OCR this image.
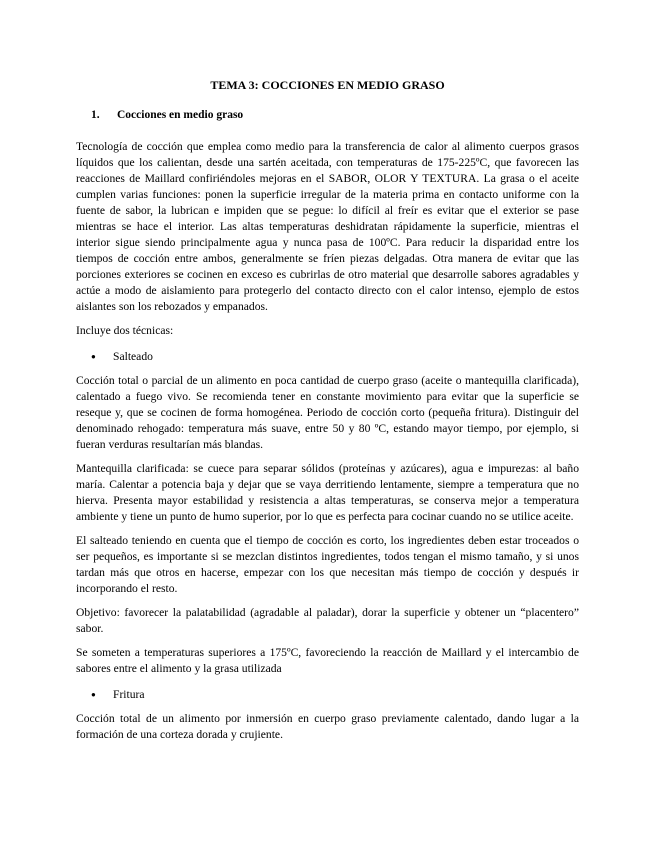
TEMA 3: COCCIONES EN MEDIO GRASO
1. Cocciones en medio graso

Tecnología de cocción que emplea como medio para la transferencia de calor al alimento cuerpos grasos líquidos que los calientan, desde una sartén aceitada, con temperaturas de 175-225ºC, que favorecen las reacciones de Maillard confiriéndoles mejoras en el SABOR, OLOR Y TEXTURA. La grasa o el aceite cumplen varias funciones: ponen la superficie irregular de la materia prima en contacto uniforme con la fuente de sabor, la lubrican e impiden que se pegue: lo difícil al freír es evitar que el exterior se pase mientras se hace el interior. Las altas temperaturas deshidratan rápidamente la superficie, mientras el interior sigue siendo principalmente agua y nunca pasa de 100ºC. Para reducir la disparidad entre los tiempos de cocción entre ambos, generalmente se fríen piezas delgadas. Otra manera de evitar que las porciones exteriores se cocinen en exceso es cubrirlas de otro material que desarrolle sabores agradables y actúe a modo de aislamiento para protegerlo del contacto directo con el calor intenso, ejemplo de estos aislantes son los rebozados y empanados.

Incluye dos técnicas:

● Salteado

Cocción total o parcial de un alimento en poca cantidad de cuerpo graso (aceite o mantequilla clarificada), calentado a fuego vivo. Se recomienda tener en constante movimiento para evitar que la superficie se reseque y, que se cocinen de forma homogénea. Periodo de cocción corto (pequeña fritura). Distinguir del denominado rehogado: temperatura más suave, entre 50 y 80 ºC, estando mayor tiempo, por ejemplo, si fueran verduras resultarían más blandas.

Mantequilla clarificada: se cuece para separar sólidos (proteínas y azúcares), agua e impurezas: al baño maría. Calentar a potencia baja y dejar que se vaya derritiendo lentamente, siempre a temperatura que no hierva. Presenta mayor estabilidad y resistencia a altas temperaturas, se conserva mejor a temperatura ambiente y tiene un punto de humo superior, por lo que es perfecta para cocinar cuando no se utilice aceite.

El salteado teniendo en cuenta que el tiempo de cocción es corto, los ingredientes deben estar troceados o ser pequeños, es importante si se mezclan distintos ingredientes, todos tengan el mismo tamaño, y si unos tardan más que otros en hacerse, empezar con los que necesitan más tiempo de cocción y después ir incorporando el resto.

Objetivo: favorecer la palatabilidad (agradable al paladar), dorar la superficie y obtener un “placentero” sabor.

Se someten a temperaturas superiores a 175ºC, favoreciendo la reacción de Maillard y el intercambio de sabores entre el alimento y la grasa utilizada

● Fritura

Cocción total de un alimento por inmersión en cuerpo graso previamente calentado, dando lugar a la formación de una corteza dorada y crujiente.
